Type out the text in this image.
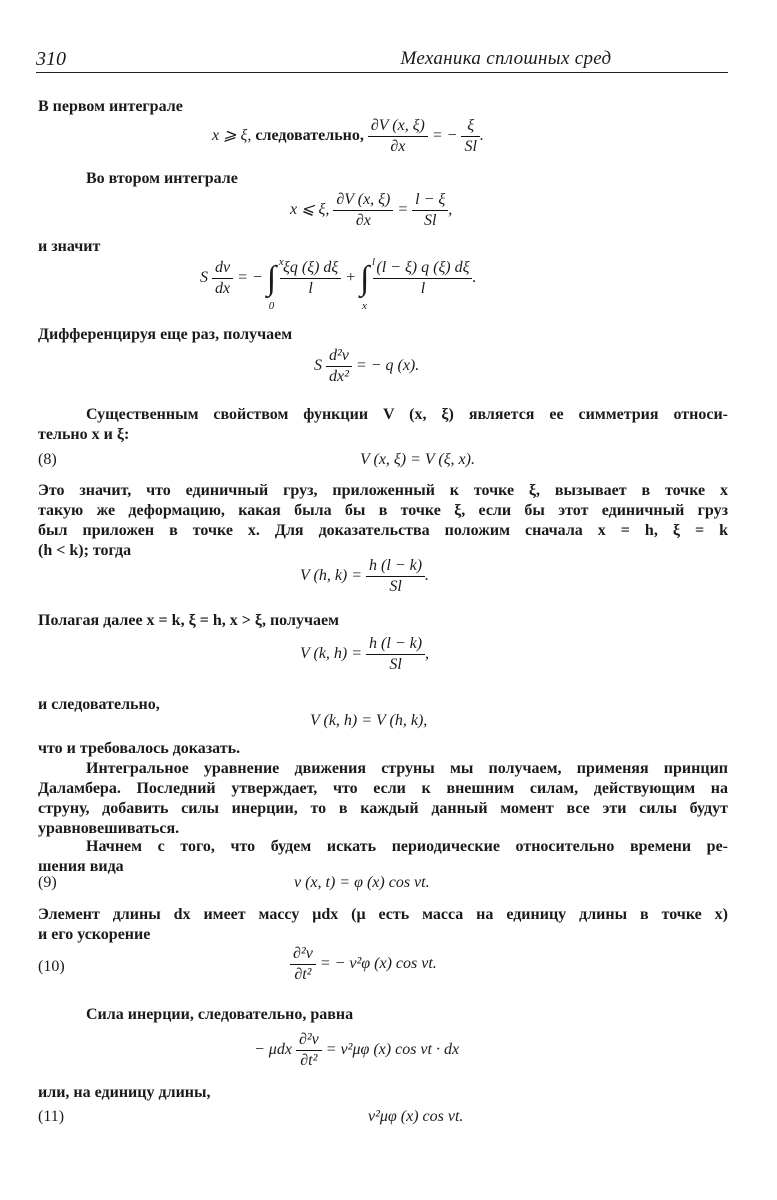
310	Механика сплошных сред
В первом интеграле
x ⩾ ξ, следовательно, $\frac{\partial V (x, \xi)}{\partial x}$ = − $\frac{\xi}{Sl}$ .
Во втором интеграле
x ⩽ ξ, $\frac{\partial V (x, \xi)}{\partial x} = \frac{l - \xi}{Sl}$ ,
и значит
S $\frac{dv}{dx}$ = − ∫ x
0

$\frac{\xi q (\xi) d\xi}{l}$ + ∫ l
x

$\frac{(l - \xi) q (\xi) d\xi}{l}$ .
Дифференцируя еще раз, получаем
S $\frac{\text{d²v}}{\text{dx²}}$ = − q (x).
Существенным свойством функции V (x, ξ) является ее симметрия относи-
тельно x и ξ:
(8)	V (x, ξ) = V (ξ, x).
Это значит, что единичный груз, приложенный к точке ξ, вызывает в точке x
такую же деформацию, какая была бы в точке ξ, если бы этот единичный груз
был приложен в точке x. Для доказательства положим сначала x = h, ξ = k
(h < k); тогда
V (h, $k) = \frac{h (l - k)}{Sl}$ .
Полагая далее x = k, ξ = h, x > ξ, получаем
V (k, $h) = \frac{h (l - k)}{Sl}$ ,
и следовательно,
V (k, h) = V (h, k),
что и требовалось доказать.
Интегральное уравнение движения струны мы получаем, применяя принцип
Даламбера. Последний утверждает, что если к внешним силам, действующим на
струну, добавить силы инерции, то в каждый данный момент все эти силы будут
уравновешиваться.
Начнем с того, что будем искать периодические относительно времени ре-
шения вида
(9)	v (x, t) = φ (x) cos νt.
Элемент длины dx имеет массу μdx (μ есть масса на единицу длины в точке x)
и его ускорение
(10)	$\frac{\text{∂²v}}{\text{∂t²}}$ = − ν²φ (x) cos νt.
Сила инерции, следовательно, равна
− μdx $\frac{\text{∂²v}}{\text{∂t²}} = \nu^2\mu\varphi$ (x) cos νt · dx
или, на единицу длины,
(11)	ν²μφ (x) cos νt.
